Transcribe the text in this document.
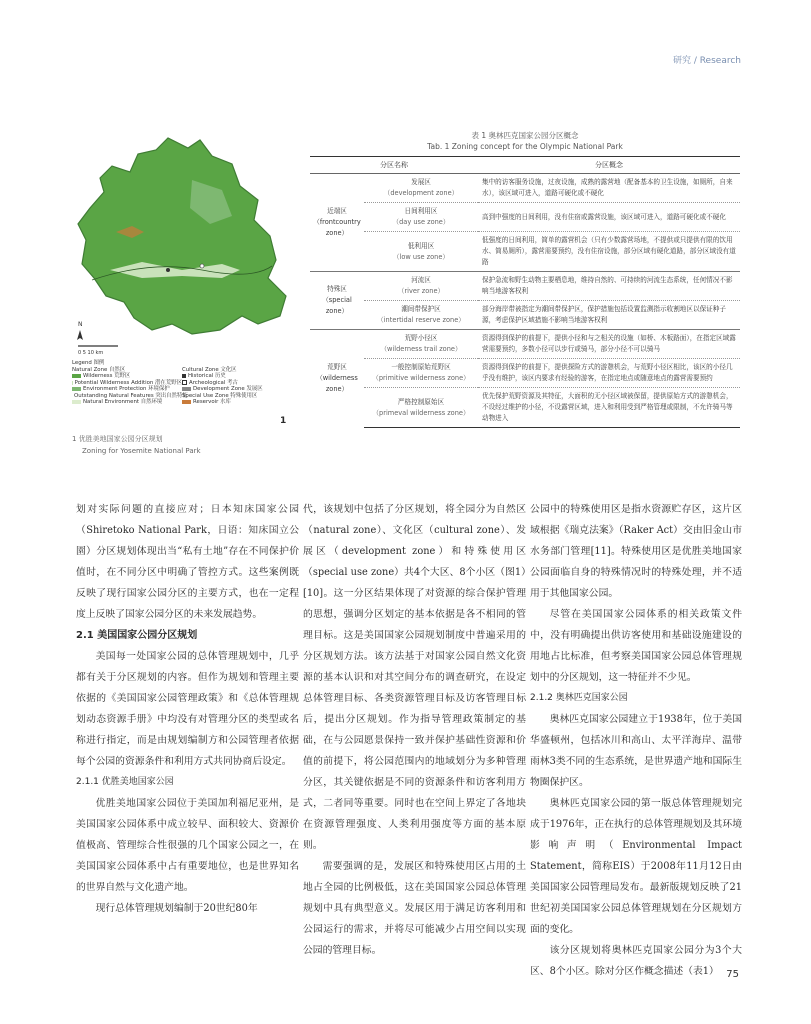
研究 / Research
N
0 5 10 km
Legend 图例
Natural Zone 自然区
Wilderness 荒野区
Potential Wilderness Addition 潜在荒野区
Environment Protection 环境保护
Outstanding Natural Features 突出自然特征
Natural Environment 自然环境
Cultural Zone 文化区
Historical 历史
Archeological 考古
Development Zone 发展区
Special Use Zone 特殊使用区
Reservoir 水库
1
1 优胜美地国家公园分区规划
Zoning for Yosemite National Park
表 1 奥林匹克国家公园分区概念
Tab. 1 Zoning concept for the Olympic National Park
分区名称		分区概念
近端区（frontcountry zone）	发展区
（development zone）	集中的访客服务设施，过夜设施，成熟的露营地（配备基本的卫生设施，如厕所，自来水），该区域可进入，道路可硬化或不硬化

	日间利用区
（day use zone）	高到中强度的日间利用，没有住宿或露营设施，该区域可进入，道路可硬化或不硬化

	低利用区
（low use zone）	低强度的日间利用，简单的露营机会（只有少数露营场地，不提供或只提供有限的饮用水、简易厕所），露营需要预约，没有住宿设施，部分区域有硬化道路，部分区域没有道路
特殊区（special zone）	河流区
（river zone）	保护急流和野生动物主要栖息地，维持自然的、可持续的河流生态系统，任何情况不影响当地游客权利

	潮间带保护区
（intertidal reserve zone）	部分海岸带被指定为潮间带保护区，保护措施包括设置监测指示收割地区以保证种子源，考虑保护区域措施不影响当地游客权利
荒野区（wilderness zone）	荒野小径区
（wilderness trail zone）	资源得到保护的前提下，提供小径和与之相关的设施（如桥、木板路面），在指定区域露营需要预约，多数小径可以步行或骑马，部分小径不可以骑马

	一般控制原始荒野区
（primitive wilderness zone）	资源得到保护的前提下，提供探险方式的游憩机会，与荒野小径区相比，该区的小径几乎没有维护，该区内要求有经验的游客，在指定地点或随意地点的露营需要预约

	严格控制原始区
（primeval wilderness zone）	优先保护荒野资源及其特征，大面积的无小径区域被保留，提供原始方式的游憩机会，不设经过维护的小径，不设露营区域，进入和利用受到严格管理或限制，不允许骑马等动物进入

划对实际问题的直接应对；日本知床国家公园（Shiretoko National Park，日语：知床国立公園）分区规划体现出当“私有土地”存在不同保护价值时，在不同分区中明确了管控方式。这些案例既反映了现行国家公园分区的主要方式，也在一定程度上反映了国家公园分区的未来发展趋势。

2.1 美国国家公园分区规划

美国每一处国家公园的总体管理规划中，几乎都有关于分区规划的内容。但作为规划和管理主要依据的《美国国家公园管理政策》和《总体管理规划动态资源手册》中均没有对管理分区的类型或名称进行指定，而是由规划编制方和公园管理者依据每个公园的资源条件和利用方式共同协商后设定。

2.1.1 优胜美地国家公园

优胜美地国家公园位于美国加利福尼亚州，是美国国家公园体系中成立较早、面积较大、资源价值极高、管理综合性很强的几个国家公园之一，在美国国家公园体系中占有重要地位，也是世界知名的世界自然与文化遗产地。

现行总体管理规划编制于20世纪80年

代，该规划中包括了分区规划，将全园分为自然区（natural zone）、文化区（cultural zone）、发展区（development zone）和特殊使用区（special use zone）共4个大区、8个小区（图1）[10]。这一分区结果体现了对资源的综合保护管理的思想，强调分区划定的基本依据是各不相同的管理目标。这是美国国家公园规划制度中普遍采用的分区规划方法。该方法基于对国家公园自然文化资源的基本认识和对其空间分布的调查研究，在设定总体管理目标、各类资源管理目标及访客管理目标后，提出分区规划。作为指导管理政策制定的基础，在与公园愿景保持一致并保护基础性资源和价值的前提下，将公园范围内的地域划分为多种管理分区，其关键依据是不同的资源条件和访客利用方式，二者同等重要。同时也在空间上界定了各地块在资源管理强度、人类利用强度等方面的基本原则。

需要强调的是，发展区和特殊使用区占用的土地占全园的比例极低，这在美国国家公园总体管理规划中具有典型意义。发展区用于满足访客利用和公园运行的需求，并将尽可能减少占用空间以实现公园的管理目标。

公园中的特殊使用区是指水资源贮存区，这片区域根据《瑞克法案》（Raker Act）交由旧金山市水务部门管理[11]。特殊使用区是优胜美地国家公园面临自身的特殊情况时的特殊处理，并不适用于其他国家公园。

尽管在美国国家公园体系的相关政策文件中，没有明确提出供访客使用和基础设施建设的用地占比标准，但考察美国国家公园总体管理规划中的分区规划，这一特征并不少见。

2.1.2 奥林匹克国家公园

奥林匹克国家公园建立于1938年，位于美国华盛顿州，包括冰川和高山、太平洋海岸、温带雨林3类不同的生态系统，是世界遗产地和国际生物圈保护区。

奥林匹克国家公园的第一版总体管理规划完成于1976年，正在执行的总体管理规划及其环境影响声明（Environmental Impact Statement，简称EIS）于2008年11月12日由美国国家公园管理局发布。最新版规划反映了21世纪初美国国家公园总体管理规划在分区规划方面的变化。

该分区规划将奥林匹克国家公园分为3个大区、8个小区。除对分区作概念描述（表1） 75
